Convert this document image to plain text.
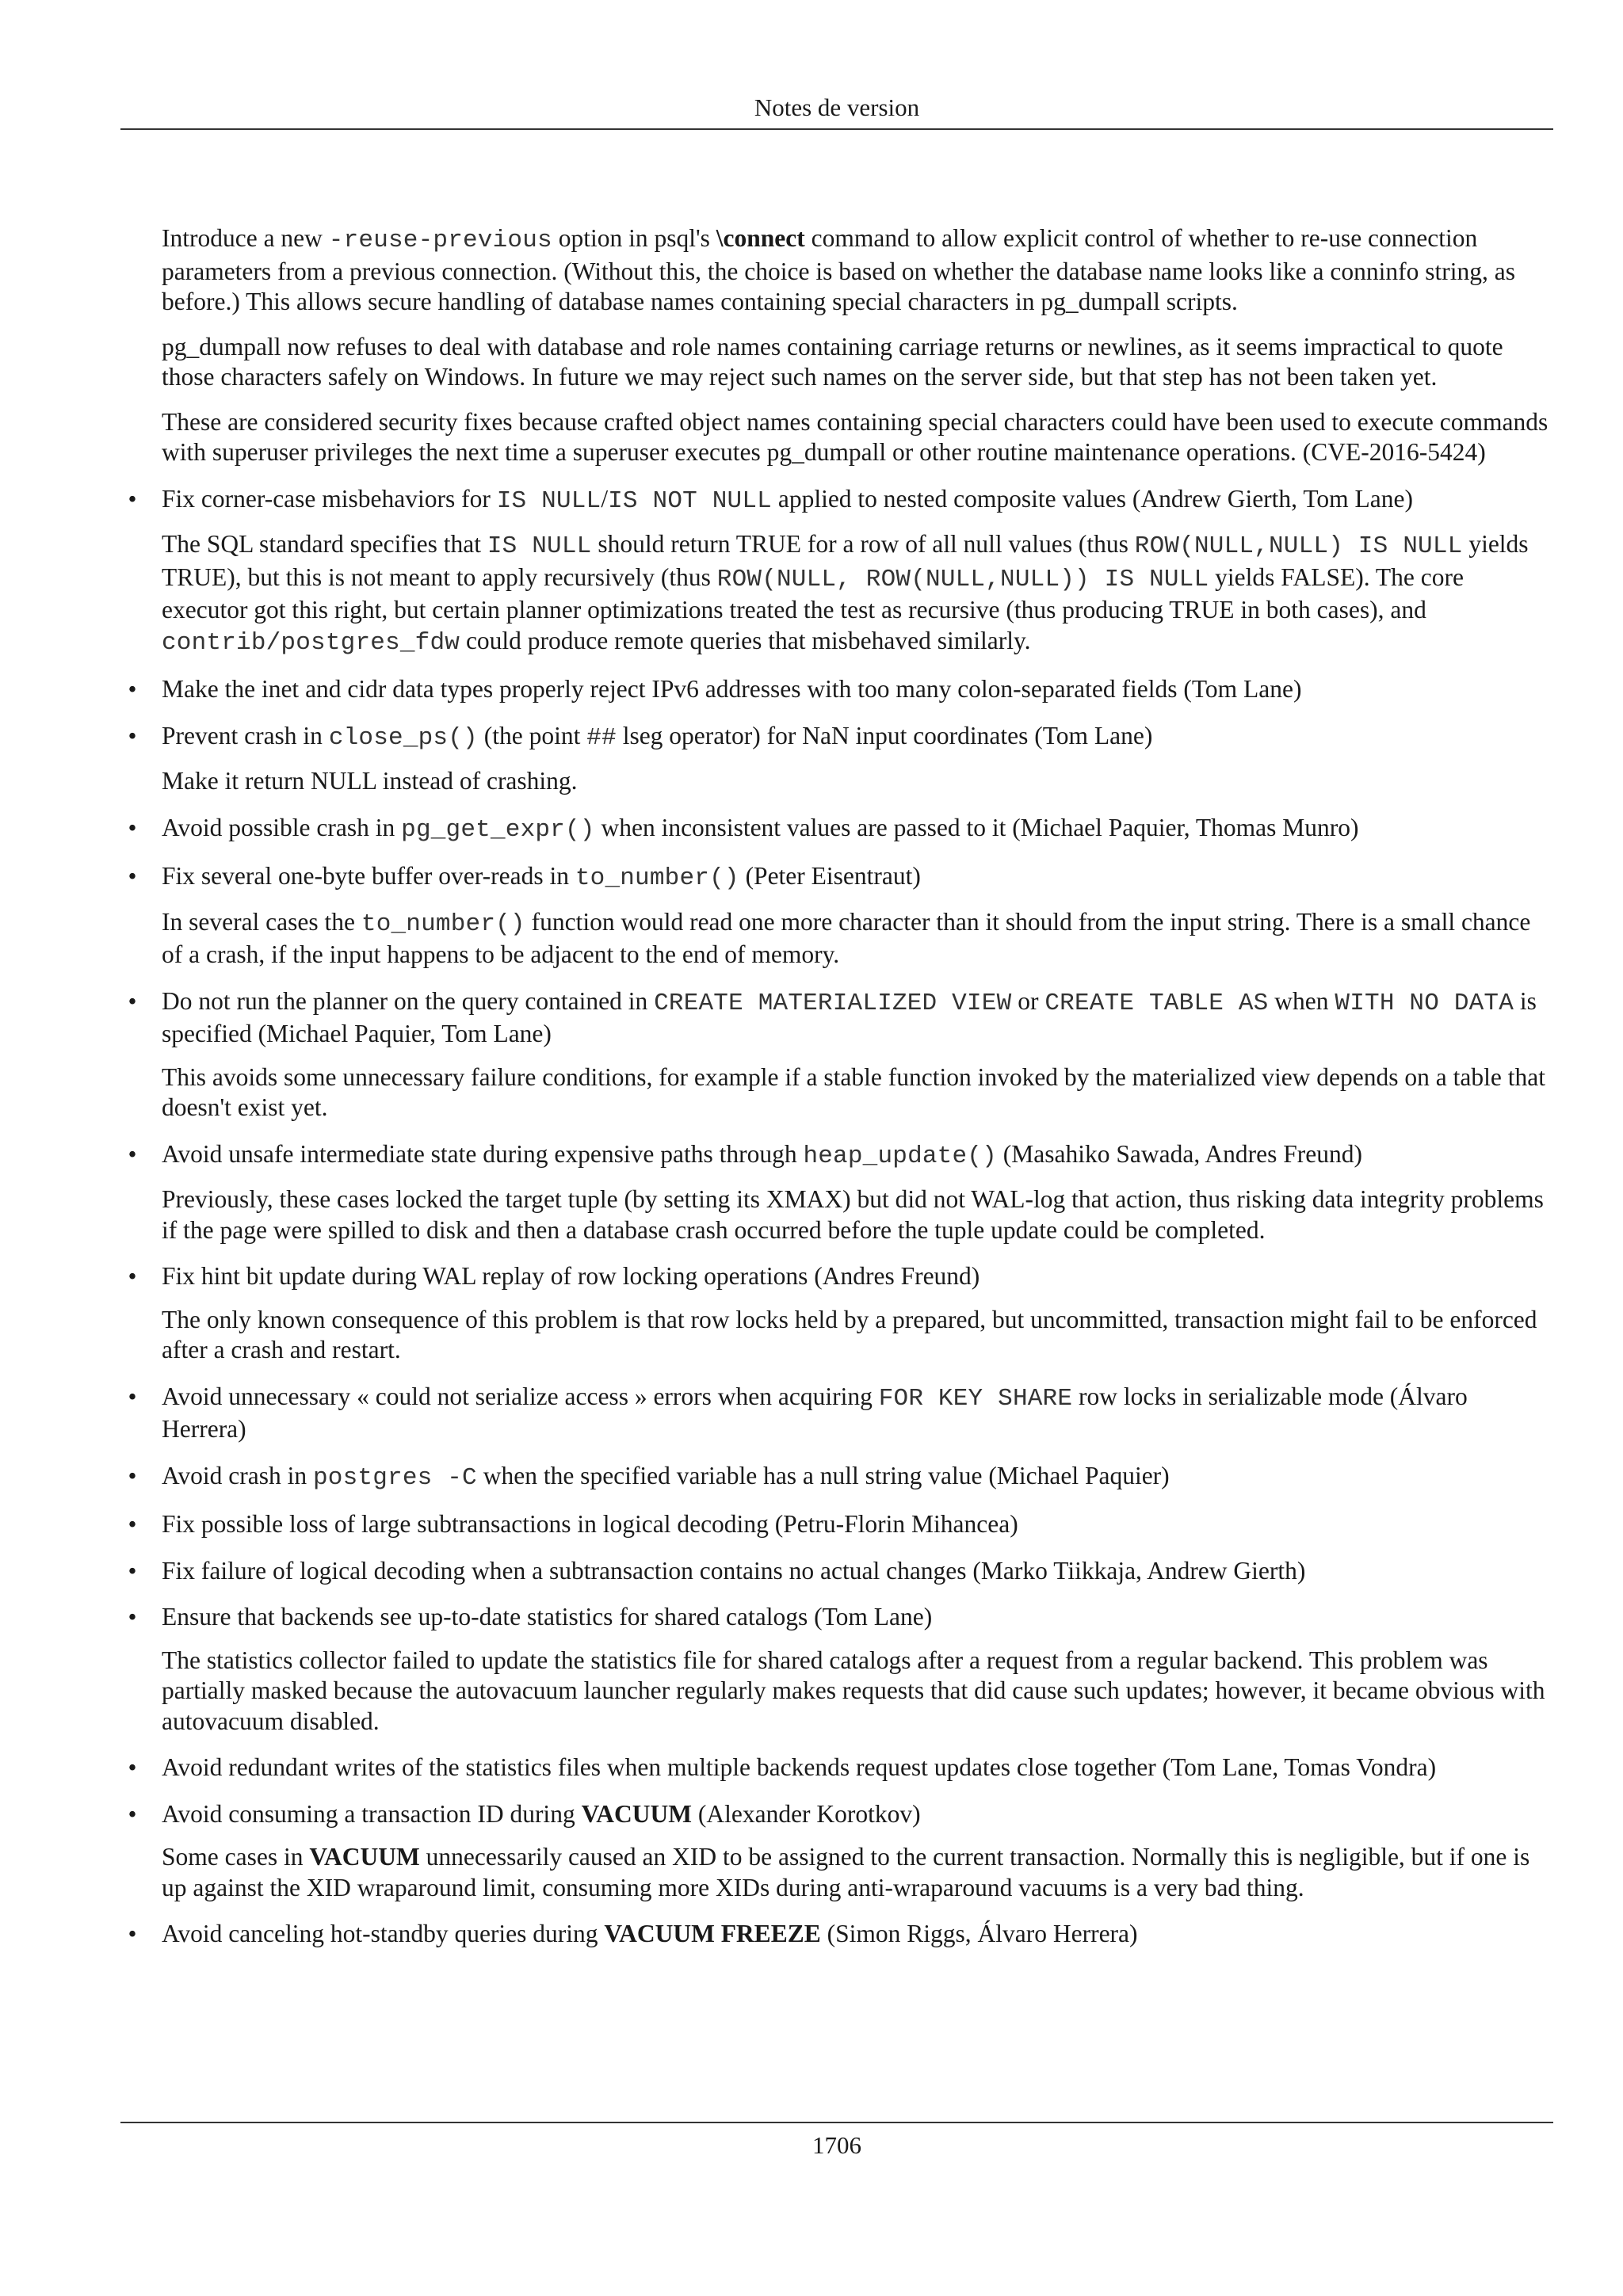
Notes de version

Introduce a new -reuse-previous option in psql's \connect command to allow explicit control of whether to re-use connection parameters from a previous connection. (Without this, the choice is based on whether the database name looks like a conninfo string, as before.) This allows secure handling of database names containing special characters in pg_dumpall scripts.

pg_dumpall now refuses to deal with database and role names containing carriage returns or newlines, as it seems impractical to quote those characters safely on Windows. In future we may reject such names on the server side, but that step has not been taken yet.

These are considered security fixes because crafted object names containing special characters could have been used to execute commands with superuser privileges the next time a superuser executes pg_dumpall or other routine maintenance operations. (CVE-2016-5424)

• Fix corner-case misbehaviors for IS NULL/IS NOT NULL applied to nested composite values (Andrew Gierth, Tom Lane)

The SQL standard specifies that IS NULL should return TRUE for a row of all null values (thus ROW(NULL,NULL) IS NULL yields TRUE), but this is not meant to apply recursively (thus ROW(NULL, ROW(NULL,NULL)) IS NULL yields FALSE). The core executor got this right, but certain planner optimizations treated the test as recursive (thus producing TRUE in both cases), and contrib/postgres_fdw could produce remote queries that misbehaved similarly.

• Make the inet and cidr data types properly reject IPv6 addresses with too many colon-separated fields (Tom Lane)

• Prevent crash in close_ps() (the point ## lseg operator) for NaN input coordinates (Tom Lane)

Make it return NULL instead of crashing.

• Avoid possible crash in pg_get_expr() when inconsistent values are passed to it (Michael Paquier, Thomas Munro)

• Fix several one-byte buffer over-reads in to_number() (Peter Eisentraut)

In several cases the to_number() function would read one more character than it should from the input string. There is a small chance of a crash, if the input happens to be adjacent to the end of memory.

• Do not run the planner on the query contained in CREATE MATERIALIZED VIEW or CREATE TABLE AS when WITH NO DATA is specified (Michael Paquier, Tom Lane)

This avoids some unnecessary failure conditions, for example if a stable function invoked by the materialized view depends on a table that doesn't exist yet.

• Avoid unsafe intermediate state during expensive paths through heap_update() (Masahiko Sawada, Andres Freund)

Previously, these cases locked the target tuple (by setting its XMAX) but did not WAL-log that action, thus risking data integrity problems if the page were spilled to disk and then a database crash occurred before the tuple update could be completed.

• Fix hint bit update during WAL replay of row locking operations (Andres Freund)

The only known consequence of this problem is that row locks held by a prepared, but uncommitted, transaction might fail to be enforced after a crash and restart.

• Avoid unnecessary « could not serialize access » errors when acquiring FOR KEY SHARE row locks in serializable mode (Álvaro Herrera)

• Avoid crash in postgres -C when the specified variable has a null string value (Michael Paquier)

• Fix possible loss of large subtransactions in logical decoding (Petru-Florin Mihancea)

• Fix failure of logical decoding when a subtransaction contains no actual changes (Marko Tiikkaja, Andrew Gierth)

• Ensure that backends see up-to-date statistics for shared catalogs (Tom Lane)

The statistics collector failed to update the statistics file for shared catalogs after a request from a regular backend. This problem was partially masked because the autovacuum launcher regularly makes requests that did cause such updates; however, it became obvious with autovacuum disabled.

• Avoid redundant writes of the statistics files when multiple backends request updates close together (Tom Lane, Tomas Vondra)

• Avoid consuming a transaction ID during VACUUM (Alexander Korotkov)

Some cases in VACUUM unnecessarily caused an XID to be assigned to the current transaction. Normally this is negligible, but if one is up against the XID wraparound limit, consuming more XIDs during anti-wraparound vacuums is a very bad thing.

• Avoid canceling hot-standby queries during VACUUM FREEZE (Simon Riggs, Álvaro Herrera)

1706
